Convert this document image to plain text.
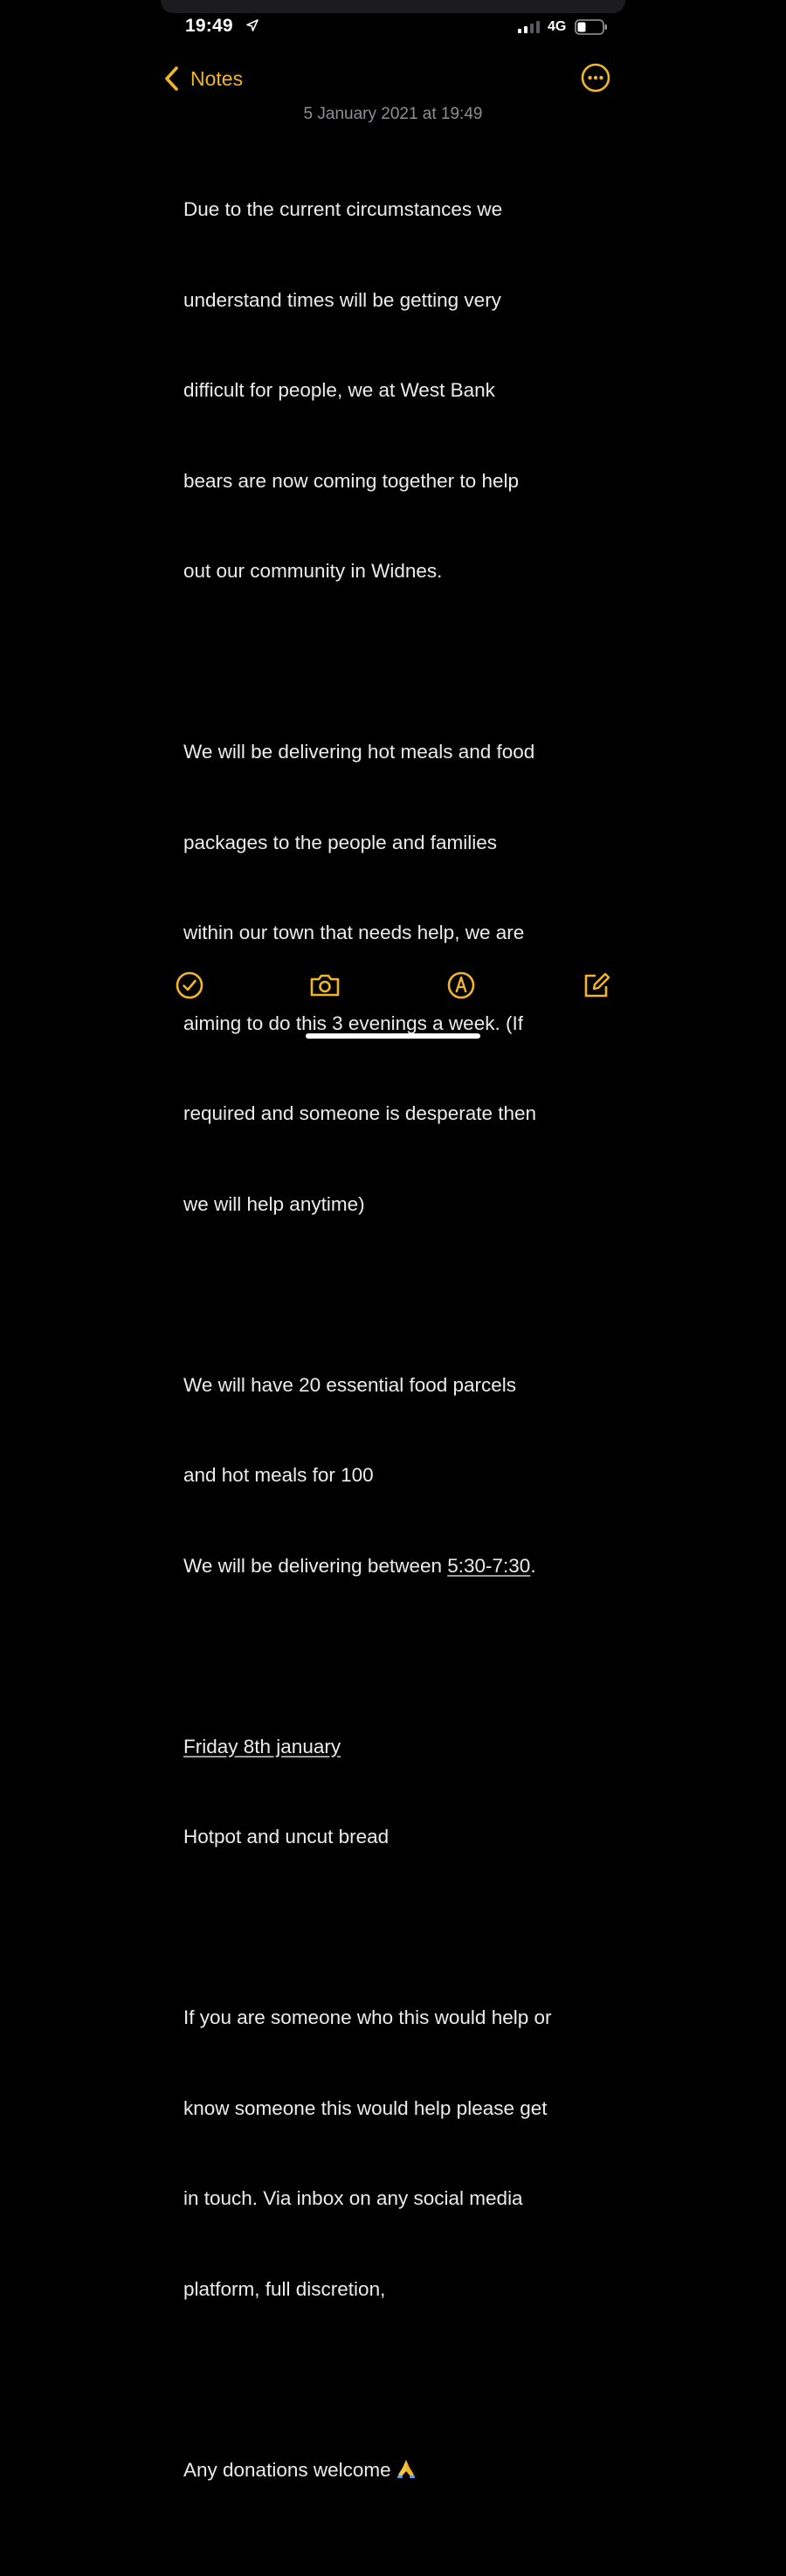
19:49	4G
Notes
5 January 2021 at 19:49

Due to the current circumstances we

understand times will be getting very

difficult for people, we at West Bank

bears are now coming together to help

out our community in Widnes.

We will be delivering hot meals and food

packages to the people and families

within our town that needs help, we are

aiming to do this 3 evenings a week. (If

required and someone is desperate then

we will help anytime)

We will have 20 essential food parcels

and hot meals for 100

We will be delivering between 5:30-7:30.

Friday 8th january

Hotpot and uncut bread

If you are someone who this would help or

know someone this would help please get

in touch. Via inbox on any social media

platform, full discretion,

Any donations welcome
